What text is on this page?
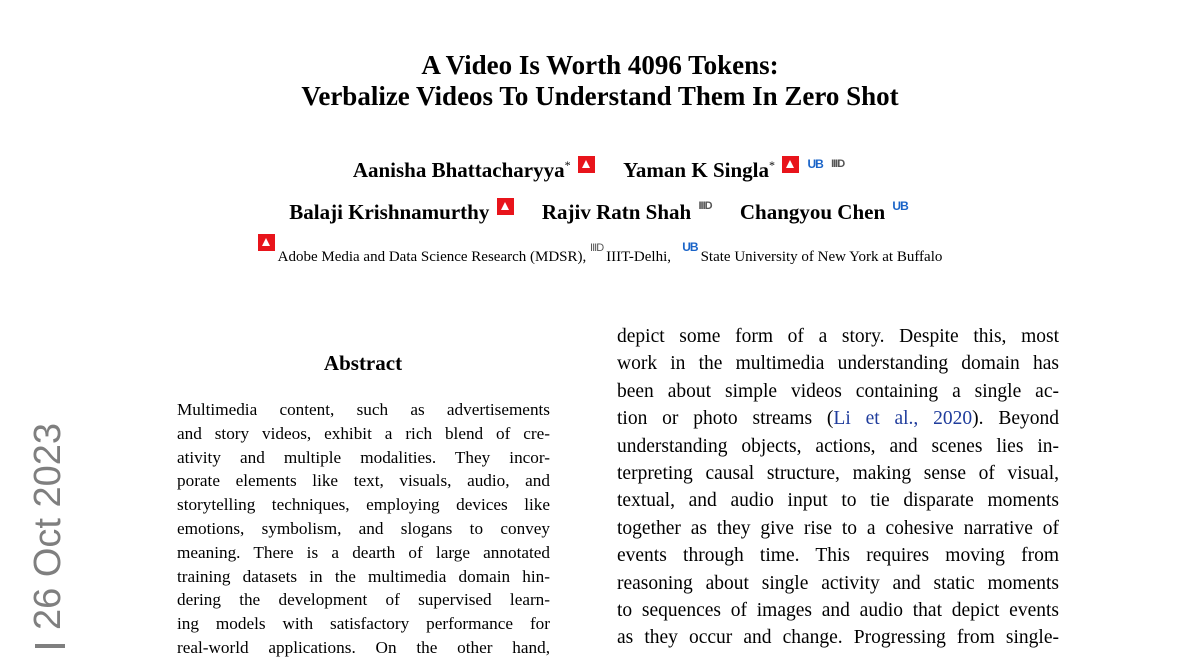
A Video Is Worth 4096 Tokens:
Verbalize Videos To Understand Them In Zero Shot
Aanisha Bhattacharyya*	Yaman K Singla*	UB IIID
Balaji Krishnamurthy	Rajiv Ratn Shah IIID Changyou Chen UB
Adobe Media and Data Science Research (MDSR), IIIDIIIT-Delhi,   UBState University of New York at Buffalo
Abstract
Multimedia content, such as advertisements
and story videos, exhibit a rich blend of cre-
ativity and multiple modalities. They incor-
porate elements like text, visuals, audio, and
storytelling techniques, employing devices like
emotions, symbolism, and slogans to convey
meaning. There is a dearth of large annotated
training datasets in the multimedia domain hin-
dering the development of supervised learn-
ing models with satisfactory performance for
real-world applications. On the other hand,
depict some form of a story. Despite this, most
work in the multimedia understanding domain has
been about simple videos containing a single ac-
tion or photo streams (Li et al., 2020). Beyond
understanding objects, actions, and scenes lies in-
terpreting causal structure, making sense of visual,
textual, and audio input to tie disparate moments
together as they give rise to a cohesive narrative of
events through time. This requires moving from
reasoning about single activity and static moments
to sequences of images and audio that depict events
as they occur and change. Progressing from single-
26 Oct 2023
